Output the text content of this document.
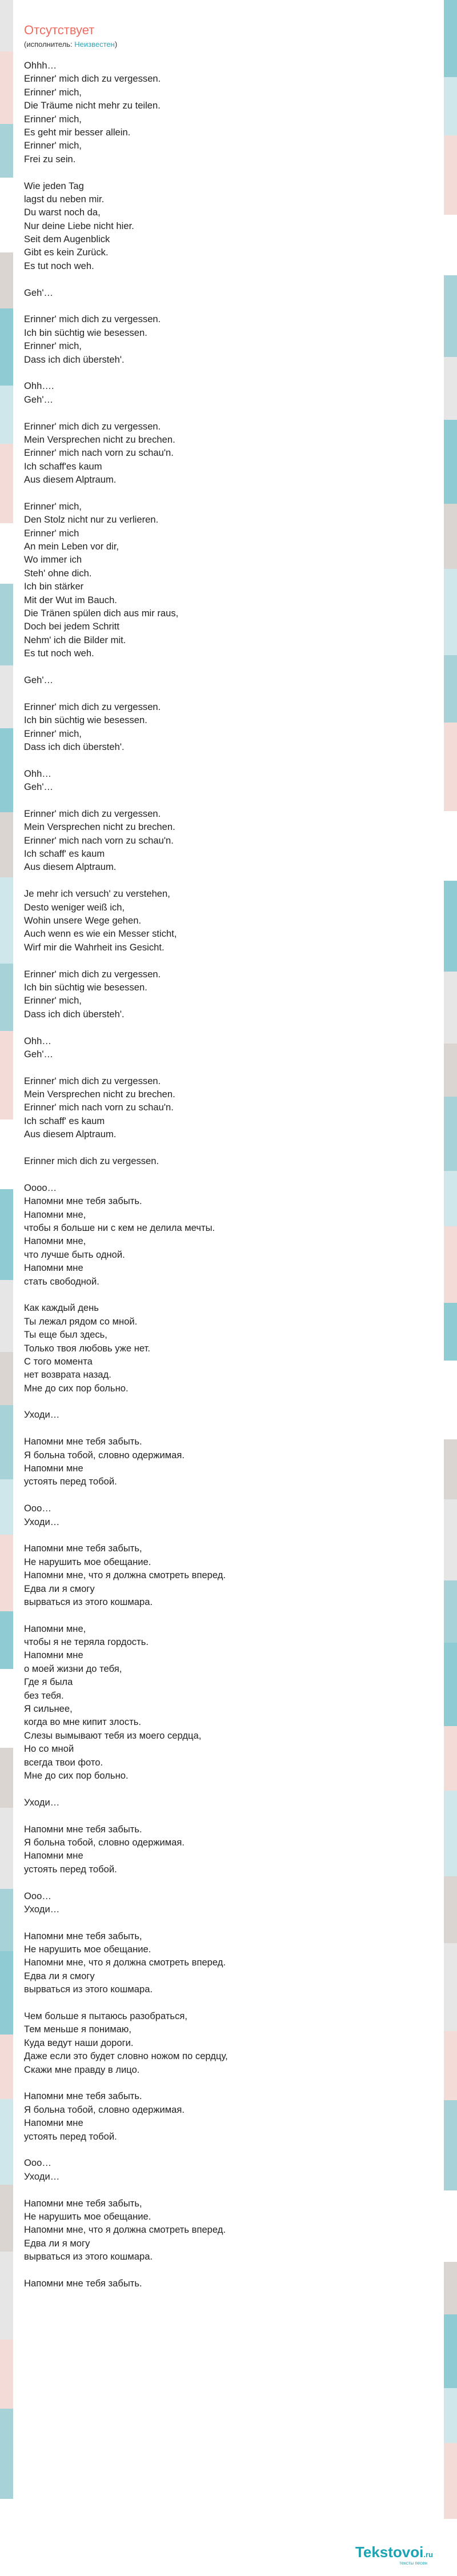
Отсутствует
(исполнитель: Неизвестен)
Ohhh…
Erinner' mich dich zu vergessen.
Erinner' mich,
Die Träume nicht mehr zu teilen.
Erinner' mich,
Es geht mir besser allein.
Erinner' mich,
Frei zu sein.
Wie jeden Tag
lagst du neben mir.
Du warst noch da,
Nur deine Liebe nicht hier.
Seit dem Augenblick
Gibt es kein Zurück.
Es tut noch weh.
Geh'…
Erinner' mich dich zu vergessen.
Ich bin süchtig wie besessen.
Erinner' mich,
Dass ich dich übersteh'.
Ohh….
Geh'…
Erinner' mich dich zu vergessen.
Mein Versprechen nicht zu brechen.
Erinner' mich nach vorn zu schau'n.
Ich schaff'es kaum
Aus diesem Alptraum.
Erinner' mich,
Den Stolz nicht nur zu verlieren.
Erinner' mich
An mein Leben vor dir,
Wo immer ich
Steh' ohne dich.
Ich bin stärker
Mit der Wut im Bauch.
Die Tränen spülen dich aus mir raus,
Doch bei jedem Schritt
Nehm' ich die Bilder mit.
Es tut noch weh.
Geh'…
Erinner' mich dich zu vergessen.
Ich bin süchtig wie besessen.
Erinner' mich,
Dass ich dich übersteh'.
Ohh…
Geh'…
Erinner' mich dich zu vergessen.
Mein Versprechen nicht zu brechen.
Erinner' mich nach vorn zu schau'n.
Ich schaff' es kaum
Aus diesem Alptraum.
Je mehr ich versuch' zu verstehen,
Desto weniger weiß ich,
Wohin unsere Wege gehen.
Auch wenn es wie ein Messer sticht,
Wirf mir die Wahrheit ins Gesicht.
Erinner' mich dich zu vergessen.
Ich bin süchtig wie besessen.
Erinner' mich,
Dass ich dich übersteh'.
Ohh…
Geh'…
Erinner' mich dich zu vergessen.
Mein Versprechen nicht zu brechen.
Erinner' mich nach vorn zu schau'n.
Ich schaff' es kaum
Aus diesem Alptraum.
Erinner mich dich zu vergessen.
Оооо…
Напомни мне тебя забыть.
Напомни мне,
чтобы я больше ни с кем не делила мечты.
Напомни мне,
что лучше быть одной.
Напомни мне
стать свободной.
Как каждый день
Ты лежал рядом со мной.
Ты еще был здесь,
Только твоя любовь уже нет.
С того момента
нет возврата назад.
Мне до сих пор больно.
Уходи…
Напомни мне тебя забыть.
Я больна тобой, словно одержимая.
Напомни мне
устоять перед тобой.
Ооо…
Уходи…
Напомни мне тебя забыть,
Не нарушить мое обещание.
Напомни мне, что я должна смотреть вперед.
Едва ли я смогу
вырваться из этого кошмара.
Напомни мне,
чтобы я не теряла гордость.
Напомни мне
о моей жизни до тебя,
Где я была
без тебя.
Я сильнее,
когда во мне кипит злость.
Слезы вымывают тебя из моего сердца,
Но со мной
всегда твои фото.
Мне до сих пор больно.
Уходи…
Напомни мне тебя забыть.
Я больна тобой, словно одержимая.
Напомни мне
устоять перед тобой.
Ооо…
Уходи…
Напомни мне тебя забыть,
Не нарушить мое обещание.
Напомни мне, что я должна смотреть вперед.
Едва ли я смогу
вырваться из этого кошмара.
Чем больше я пытаюсь разобраться,
Тем меньше я понимаю,
Куда ведут наши дороги.
Даже если это будет словно ножом по сердцу,
Скажи мне правду в лицо.
Напомни мне тебя забыть.
Я больна тобой, словно одержимая.
Напомни мне
устоять перед тобой.
Ооо…
Уходи…
Напомни мне тебя забыть,
Не нарушить мое обещание.
Напомни мне, что я должна смотреть вперед.
Едва ли я могу
вырваться из этого кошмара.
Напомни мне тебя забыть.
Tekstovoi.ru
тексты песен
